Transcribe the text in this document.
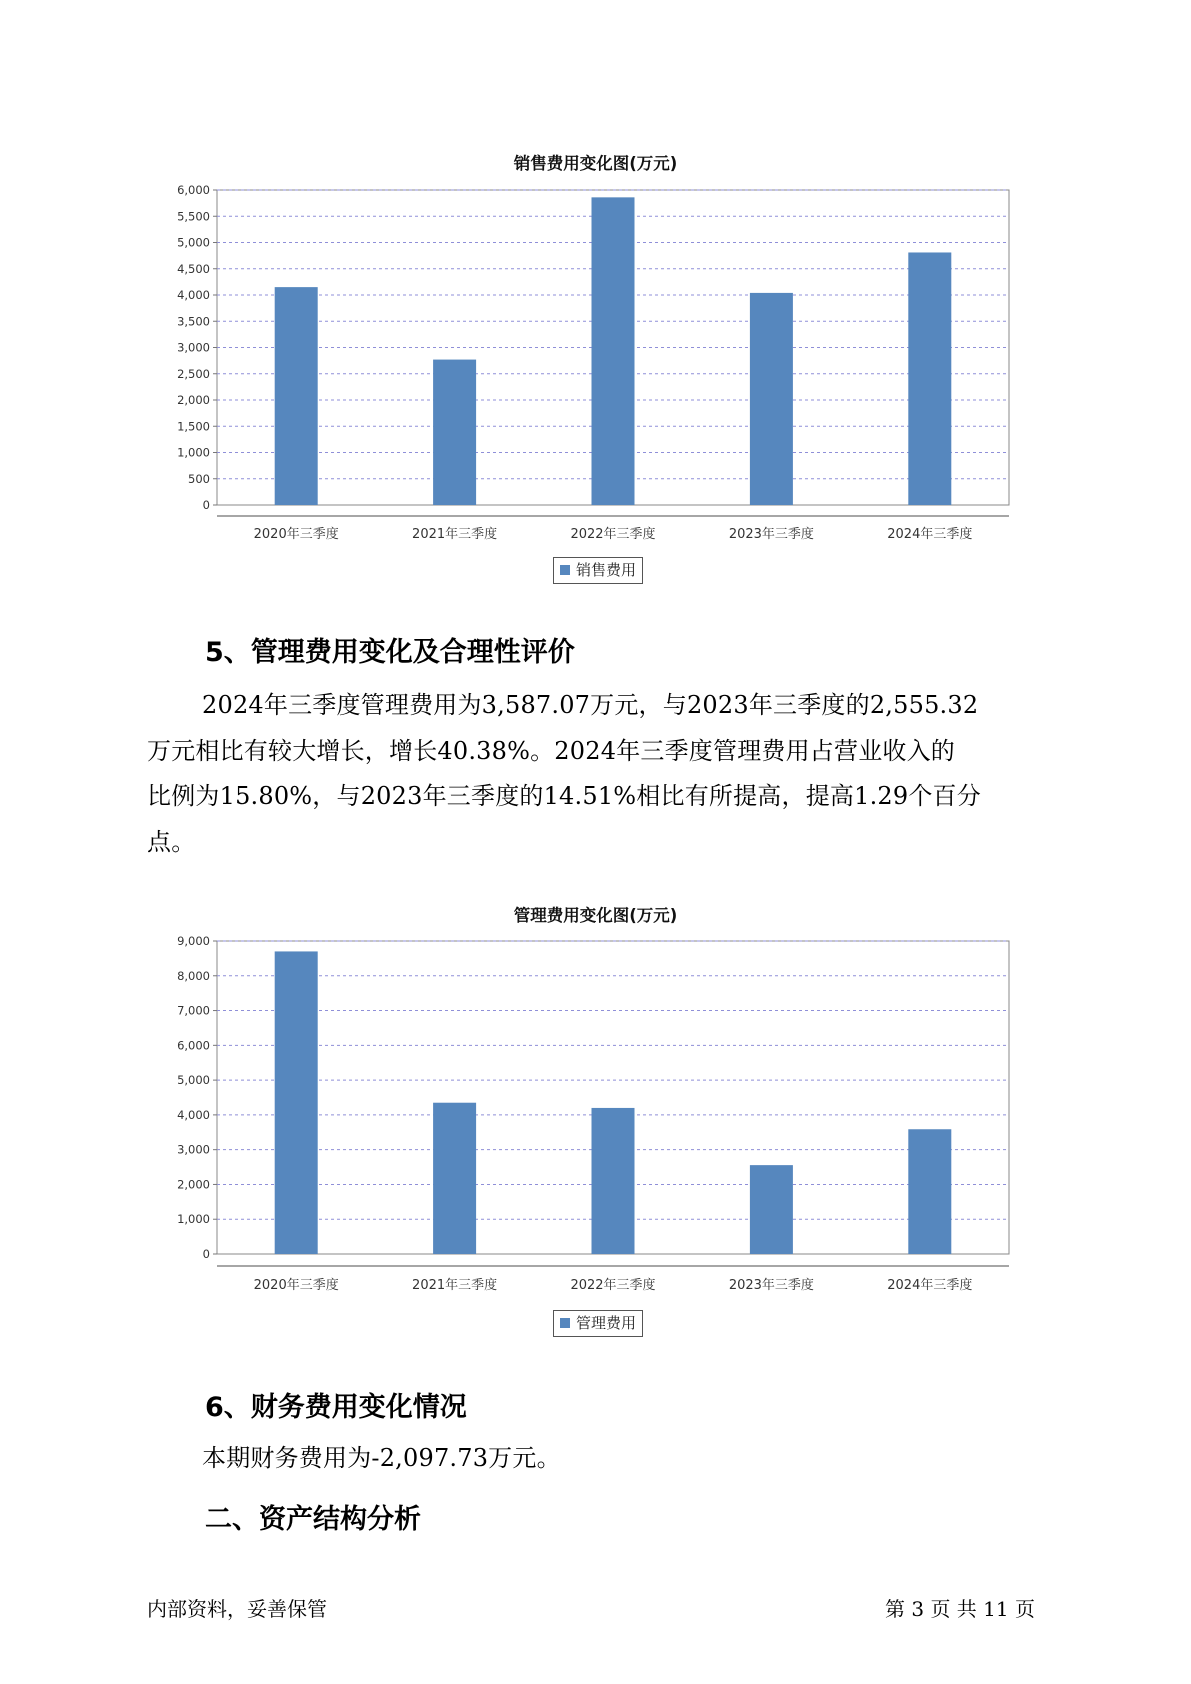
销售费用变化图(万元)
0
500
1,000
1,500
2,000
2,500
3,000
3,500
4,000
4,500
5,000
5,500
6,000
2020年三季度	2021年三季度	2022年三季度	2023年三季度	2024年三季度
销售费用
5、管理费用变化及合理性评价
2024年三季度管理费用为3,587.07万元，与2023年三季度的2,555.32
万元相比有较大增长，增长40.38%。2024年三季度管理费用占营业收入的
比例为15.80%，与2023年三季度的14.51%相比有所提高，提高1.29个百分
点。
管理费用变化图(万元)
0
1,000
2,000
3,000
4,000
5,000
6,000
7,000
8,000
9,000
2020年三季度	2021年三季度	2022年三季度	2023年三季度	2024年三季度
管理费用
6、财务费用变化情况
本期财务费用为-2,097.73万元。
二、资产结构分析
内部资料，妥善保管	第 3 页 共 11 页
